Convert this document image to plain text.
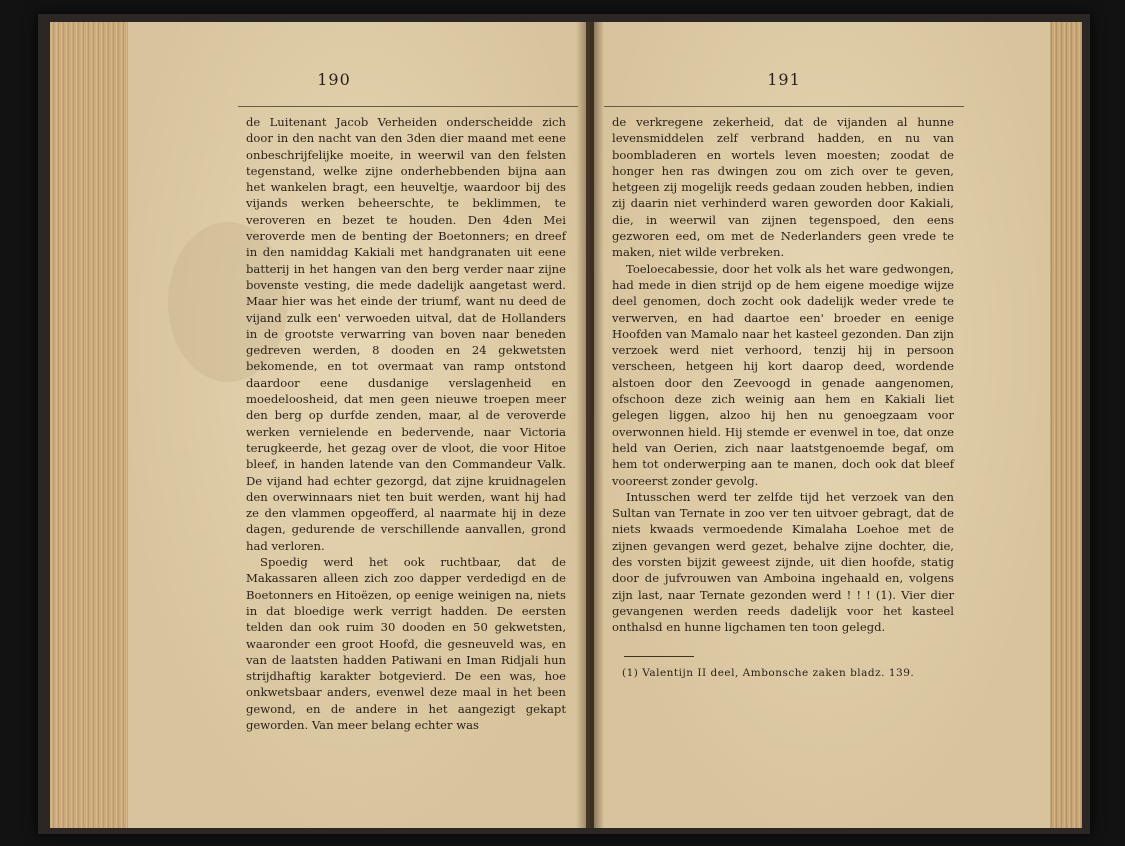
190

de Luitenant Jacob Verheiden onderscheidde zich door in den nacht van den 3den dier maand met eene onbeschrijfelijke moeite, in weerwil van den felsten tegenstand, welke zijne onderhebbenden bijna aan het wankelen bragt, een heuveltje, waardoor bij des vijands werken beheerschte, te beklimmen, te veroveren en bezet te houden. Den 4den Mei veroverde men de benting der Boetonners; en dreef in den namiddag Kakiali met handgranaten uit eene batterij in het hangen van den berg verder naar zijne bovenste vesting, die mede dadelijk aangetast werd. Maar hier was het einde der triumf, want nu deed de vijand zulk een' verwoeden uitval, dat de Hollanders in de grootste verwarring van boven naar beneden gedreven werden, 8 dooden en 24 gekwetsten bekomende, en tot overmaat van ramp ontstond daardoor eene dusdanige verslagenheid en moedeloosheid, dat men geen nieuwe troepen meer den berg op durfde zenden, maar, al de veroverde werken vernielende en bedervende, naar Victoria terugkeerde, het gezag over de vloot, die voor Hitoe bleef, in handen latende van den Commandeur Valk. De vijand had echter gezorgd, dat zijne kruidnagelen den overwinnaars niet ten buit werden, want hij had ze den vlammen opgeofferd, al naarmate hij in deze dagen, gedurende de verschillende aanvallen, grond had verloren.

Spoedig werd het ook ruchtbaar, dat de Makassaren alleen zich zoo dapper verdedigd en de Boetonners en Hitoëzen, op eenige weinigen na, niets in dat bloedige werk verrigt hadden. De eersten telden dan ook ruim 30 dooden en 50 gekwetsten, waaronder een groot Hoofd, die gesneuveld was, en van de laatsten hadden Patiwani en Iman Ridjali hun strijdhaftig karakter botgevierd. De een was, hoe onkwetsbaar anders, evenwel deze maal in het been gewond, en de andere in het aangezigt gekapt geworden. Van meer belang echter was

191

de verkregene zekerheid, dat de vijanden al hunne levensmiddelen zelf verbrand hadden, en nu van boombladeren en wortels leven moesten; zoodat de honger hen ras dwingen zou om zich over te geven, hetgeen zij mogelijk reeds gedaan zouden hebben, indien zij daarin niet verhinderd waren geworden door Kakiali, die, in weerwil van zijnen tegenspoed, den eens gezworen eed, om met de Nederlanders geen vrede te maken, niet wilde verbreken.

Toeloecabessie, door het volk als het ware gedwongen, had mede in dien strijd op de hem eigene moedige wijze deel genomen, doch zocht ook dadelijk weder vrede te verwerven, en had daartoe een' broeder en eenige Hoofden van Mamalo naar het kasteel gezonden. Dan zijn verzoek werd niet verhoord, tenzij hij in persoon verscheen, hetgeen hij kort daarop deed, wordende alstoen door den Zeevoogd in genade aangenomen, ofschoon deze zich weinig aan hem en Kakiali liet gelegen liggen, alzoo hij hen nu genoegzaam voor overwonnen hield. Hij stemde er evenwel in toe, dat onze held van Oerien, zich naar laatstgenoemde begaf, om hem tot onderwerping aan te manen, doch ook dat bleef vooreerst zonder gevolg.

Intusschen werd ter zelfde tijd het verzoek van den Sultan van Ternate in zoo ver ten uitvoer gebragt, dat de niets kwaads vermoedende Kimalaha Loehoe met de zijnen gevangen werd gezet, behalve zijne dochter, die, des vorsten bijzit geweest zijnde, uit dien hoofde, statig door de jufvrouwen van Amboina ingehaald en, volgens zijn last, naar Ternate gezonden werd ! ! ! (1). Vier dier gevangenen werden reeds dadelijk voor het kasteel onthalsd en hunne ligchamen ten toon gelegd.

(1) Valentijn II deel, Ambonsche zaken bladz. 139.
